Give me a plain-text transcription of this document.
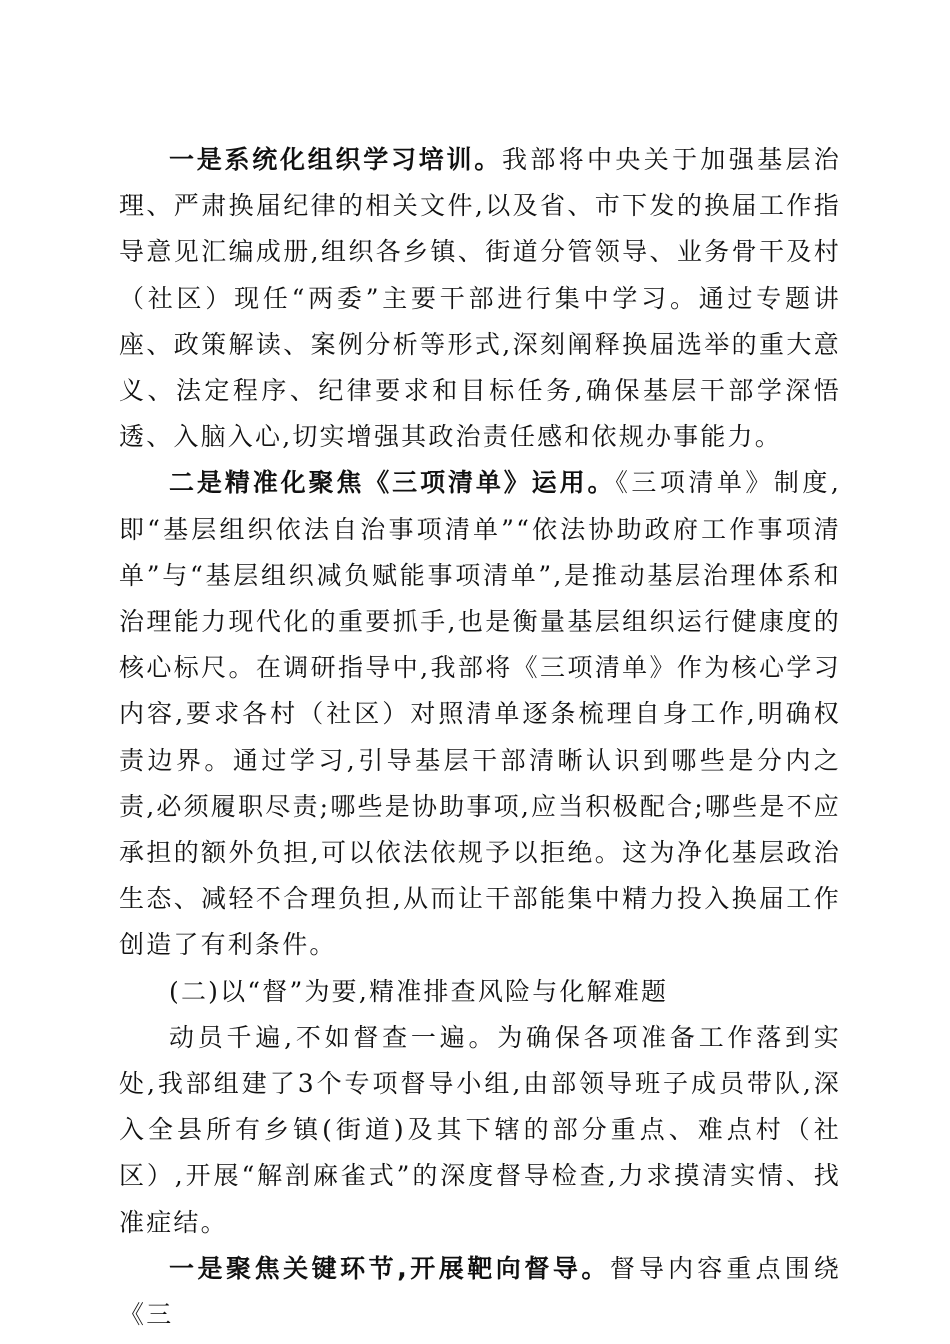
一是系统化组织学习培训。我部将中央关于加强基层治理、严肃换届纪律的相关文件,以及省、市下发的换届工作指导意见汇编成册,组织各乡镇、街道分管领导、业务骨干及村（社区）现任“两委”主要干部进行集中学习。通过专题讲座、政策解读、案例分析等形式,深刻阐释换届选举的重大意义、法定程序、纪律要求和目标任务,确保基层干部学深悟透、入脑入心,切实增强其政治责任感和依规办事能力。

二是精准化聚焦《三项清单》运用。《三项清单》制度,即“基层组织依法自治事项清单”“依法协助政府工作事项清单”与“基层组织减负赋能事项清单”,是推动基层治理体系和治理能力现代化的重要抓手,也是衡量基层组织运行健康度的核心标尺。在调研指导中,我部将《三项清单》作为核心学习内容,要求各村（社区）对照清单逐条梳理自身工作,明确权责边界。通过学习,引导基层干部清晰认识到哪些是分内之责,必须履职尽责;哪些是协助事项,应当积极配合;哪些是不应承担的额外负担,可以依法依规予以拒绝。这为净化基层政治生态、减轻不合理负担,从而让干部能集中精力投入换届工作创造了有利条件。

(二)以“督”为要,精准排查风险与化解难题

动员千遍,不如督查一遍。为确保各项准备工作落到实处,我部组建了3个专项督导小组,由部领导班子成员带队,深入全县所有乡镇(街道)及其下辖的部分重点、难点村（社区）,开展“解剖麻雀式”的深度督导检查,力求摸清实情、找准症结。

一是聚焦关键环节,开展靶向督导。督导内容重点围绕《三
